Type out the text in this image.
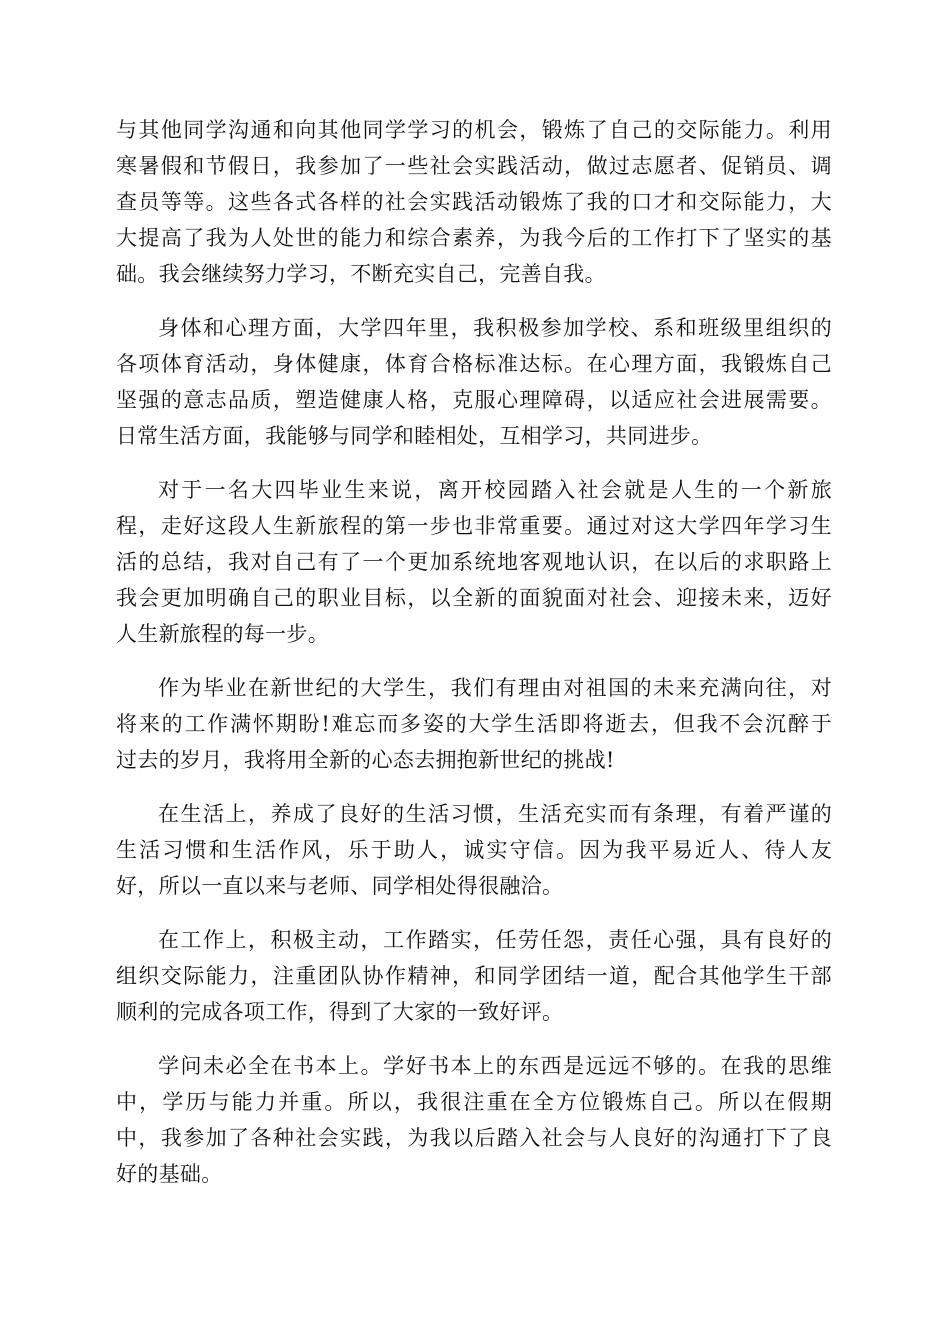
与其他同学沟通和向其他同学学习的机会，锻炼了自己的交际能力。利用
寒暑假和节假日，我参加了一些社会实践活动，做过志愿者、促销员、调
查员等等。这些各式各样的社会实践活动锻炼了我的口才和交际能力，大
大提高了我为人处世的能力和综合素养，为我今后的工作打下了坚实的基
础。我会继续努力学习，不断充实自己，完善自我。
身体和心理方面，大学四年里，我积极参加学校、系和班级里组织的
各项体育活动，身体健康，体育合格标准达标。在心理方面，我锻炼自己
坚强的意志品质，塑造健康人格，克服心理障碍，以适应社会进展需要。
日常生活方面，我能够与同学和睦相处，互相学习，共同进步。
对于一名大四毕业生来说，离开校园踏入社会就是人生的一个新旅
程，走好这段人生新旅程的第一步也非常重要。通过对这大学四年学习生
活的总结，我对自己有了一个更加系统地客观地认识，在以后的求职路上
我会更加明确自己的职业目标，以全新的面貌面对社会、迎接未来，迈好
人生新旅程的每一步。
作为毕业在新世纪的大学生，我们有理由对祖国的未来充满向往，对
将来的工作满怀期盼!难忘而多姿的大学生活即将逝去，但我不会沉醉于
过去的岁月，我将用全新的心态去拥抱新世纪的挑战!
在生活上，养成了良好的生活习惯，生活充实而有条理，有着严谨的
生活习惯和生活作风，乐于助人，诚实守信。因为我平易近人、待人友
好，所以一直以来与老师、同学相处得很融洽。
在工作上，积极主动，工作踏实，任劳任怨，责任心强，具有良好的
组织交际能力，注重团队协作精神，和同学团结一道，配合其他学生干部
顺利的完成各项工作，得到了大家的一致好评。
学问未必全在书本上。学好书本上的东西是远远不够的。在我的思维
中，学历与能力并重。所以，我很注重在全方位锻炼自己。所以在假期
中，我参加了各种社会实践，为我以后踏入社会与人良好的沟通打下了良
好的基础。
